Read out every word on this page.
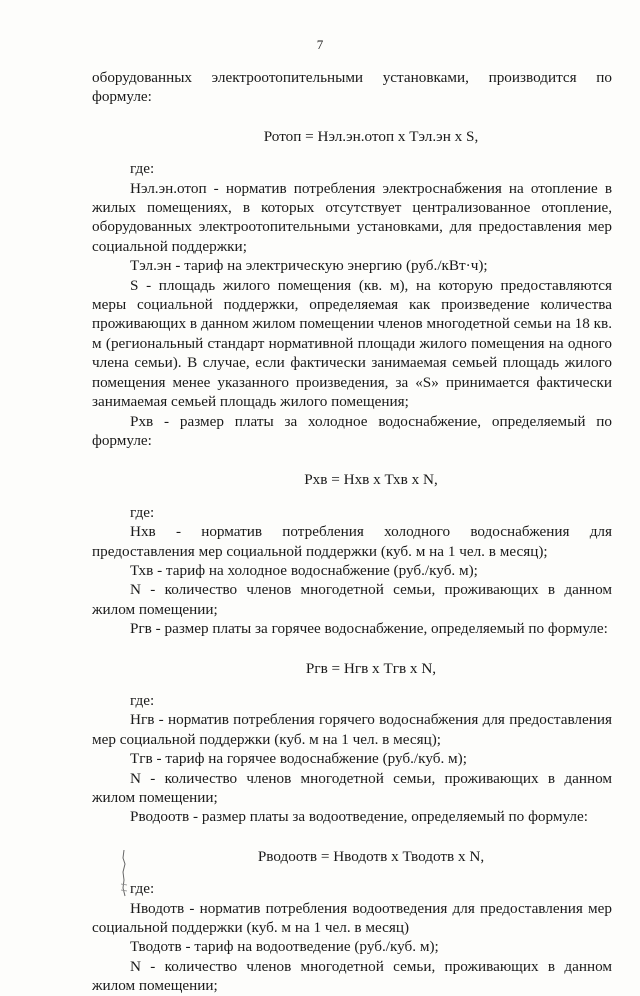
7

оборудованных электроотопительными установками, производится по формуле:

Ротоп = Нэл.эн.отоп х Тэл.эн х S,

где:

Нэл.эн.отоп - норматив потребления электроснабжения на отопление в жилых помещениях, в которых отсутствует централизованное отопление, оборудованных электроотопительными установками, для предоставления мер социальной поддержки;

Тэл.эн - тариф на электрическую энергию (руб./кВт·ч);

S - площадь жилого помещения (кв. м), на которую предоставляются меры социальной поддержки, определяемая как произведение количества проживающих в данном жилом помещении членов многодетной семьи на 18 кв. м (региональный стандарт нормативной площади жилого помещения на одного члена семьи). В случае, если фактически занимаемая семьей площадь жилого помещения менее указанного произведения, за «S» принимается фактически занимаемая семьей площадь жилого помещения;

Рхв - размер платы за холодное водоснабжение, определяемый по формуле:

Рхв = Нхв х Тхв х N,

где:

Нхв - норматив потребления холодного водоснабжения для предоставления мер социальной поддержки (куб. м на 1 чел. в месяц);

Тхв - тариф на холодное водоснабжение (руб./куб. м);

N - количество членов многодетной семьи, проживающих в данном жилом помещении;

Ргв - размер платы за горячее водоснабжение, определяемый по формуле:

Ргв = Нгв х Тгв х N,

где:

Нгв - норматив потребления горячего водоснабжения для предоставления мер социальной поддержки (куб. м на 1 чел. в месяц);

Тгв - тариф на горячее водоснабжение (руб./куб. м);

N - количество членов многодетной семьи, проживающих в данном жилом помещении;

Рводоотв - размер платы за водоотведение, определяемый по формуле:

Рводоотв = Нводотв х Тводотв х N,

где:

Нводотв - норматив потребления водоотведения для предоставления мер социальной поддержки (куб. м на 1 чел. в месяц)

Тводотв - тариф на водоотведение (руб./куб. м);

N - количество членов многодетной семьи, проживающих в данном жилом помещении;
